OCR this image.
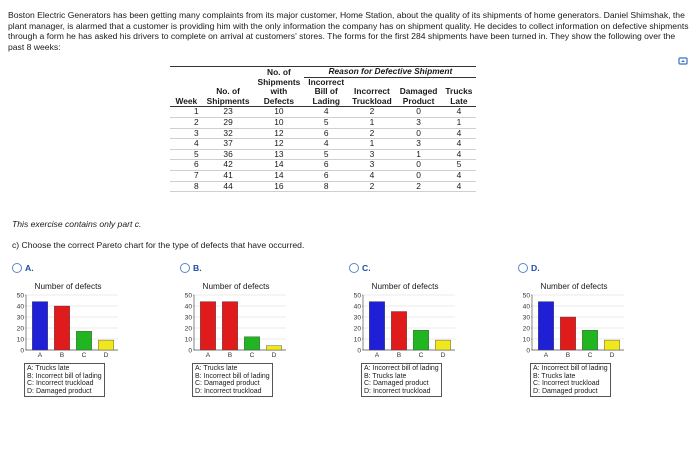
Boston Electric Generators has been getting many complaints from its major customer, Home Station, about the quality of its shipments of home generators. Daniel Shimshak, the plant manager, is alarmed that a customer is providing him with the only information the company has on shipment quality. He decides to collect information on defective shipments through a form he has asked his drivers to complete on arrival at customers' stores. The forms for the first 284 shipments have been turned in. They show the following over the past 8 weeks:
		No. of	Reason for Defective Shipment			
		Shipments	Incorrect			
	No. of	with	Bill of	Incorrect	Damaged	Trucks
Week	Shipments	Defects	Lading	Truckload	Product	Late
1	23	10	4	2	0	4
2	29	10	5	1	3	1
3	32	12	6	2	0	4
4	37	12	4	1	3	4
5	36	13	5	3	1	4
6	42	14	6	3	0	5
7	41	14	6	4	0	4
8	44	16	8	2	2	4
This exercise contains only part c.
c) Choose the correct Pareto chart for the type of defects that have occurred.
A.
Number of defects
50
40
30
20
10
0
A	B	C	D
A: Trucks late
B: Incorrect bill of lading
C: Incorrect truckload
D: Damaged product
B.
Number of defects
50
40
30
20
10
0
A	B	C	D
A: Trucks late
B: Incorrect bill of lading
C: Damaged product
D: Incorrect truckload
C.
Number of defects
50
40
30
20
10
0
A	B	C	D
A: Incorrect bill of lading
B: Trucks late
C: Damaged product
D: Incorrect truckload
D.
Number of defects
50
40
30
20
10
0
A	B	C	D
A: Incorrect bill of lading
B: Trucks late
C: Incorrect truckload
D: Damaged product
